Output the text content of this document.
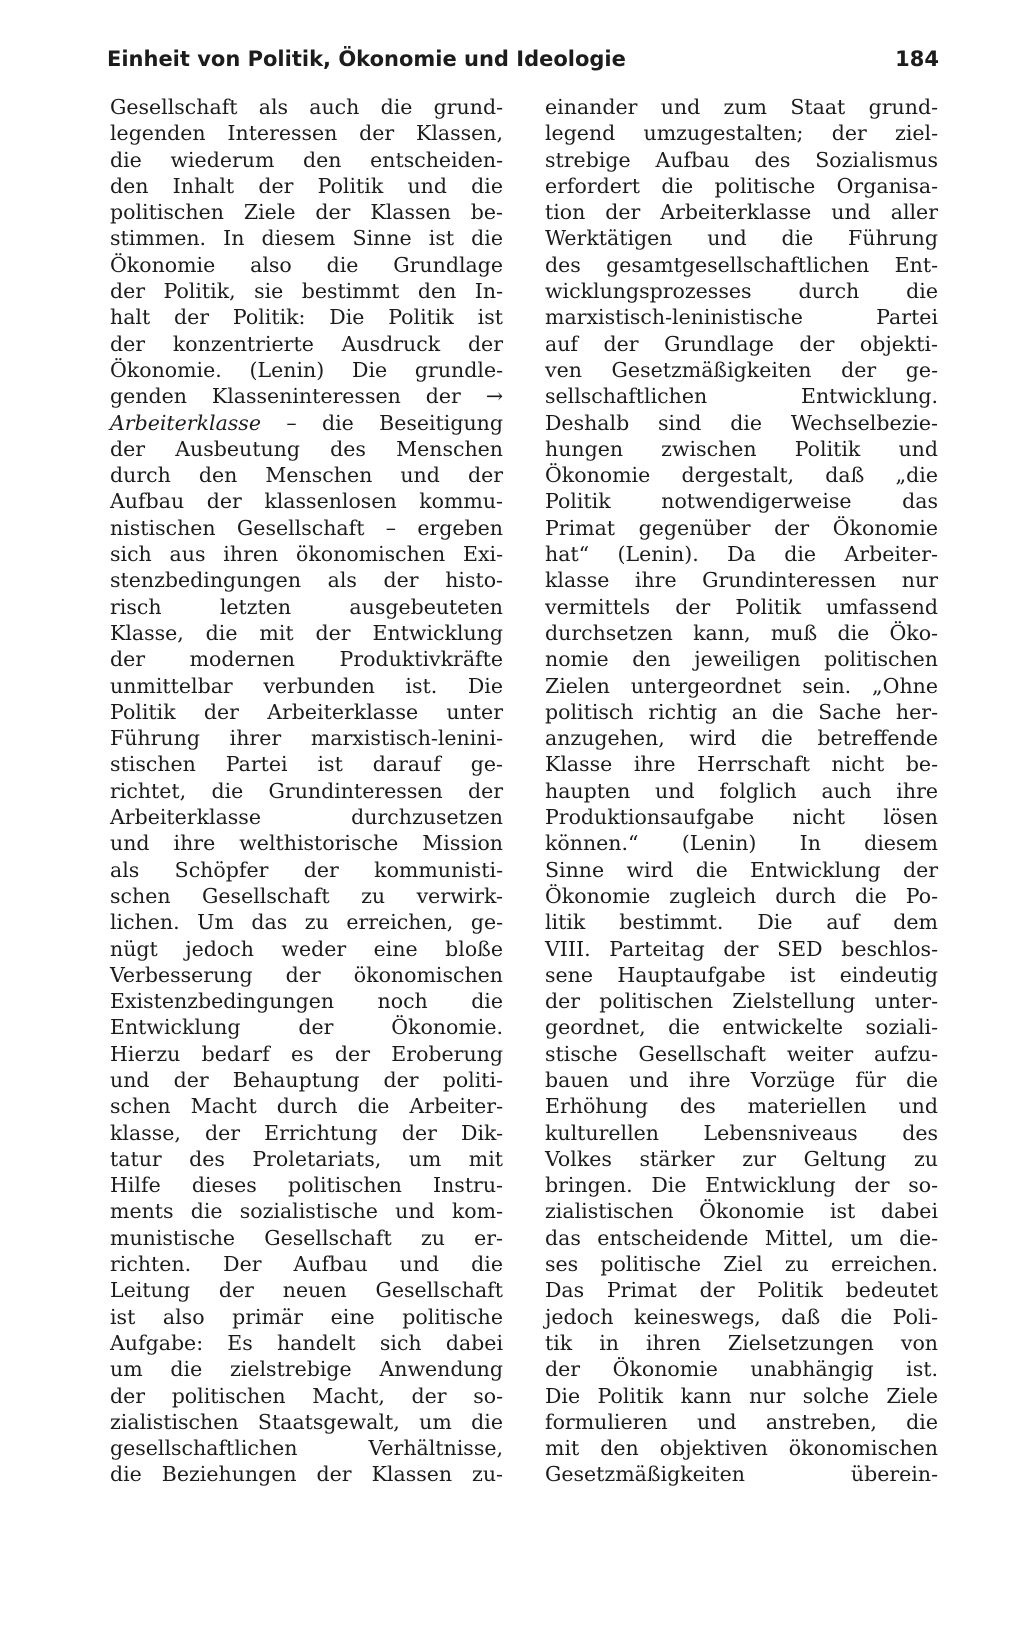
Einheit von Politik, Ökonomie und Ideologie	184
Gesellschaft als auch die grund-
legenden Interessen der Klassen,
die wiederum den entscheiden-
den Inhalt der Politik und die
politischen Ziele der Klassen be-
stimmen. In diesem Sinne ist die
Ökonomie also die Grundlage
der Politik, sie bestimmt den In-
halt der Politik: Die Politik ist
der konzentrierte Ausdruck der
Ökonomie. (Lenin) Die grundle-
genden Klasseninteressen der →
Arbeiterklasse – die Beseitigung
der Ausbeutung des Menschen
durch den Menschen und der
Aufbau der klassenlosen kommu-
nistischen Gesellschaft – ergeben
sich aus ihren ökonomischen Exi-
stenzbedingungen als der histo-
risch letzten ausgebeuteten
Klasse, die mit der Entwicklung
der modernen Produktivkräfte
unmittelbar verbunden ist. Die
Politik der Arbeiterklasse unter
Führung ihrer marxistisch-lenini-
stischen Partei ist darauf ge-
richtet, die Grundinteressen der
Arbeiterklasse durchzusetzen
und ihre welthistorische Mission
als Schöpfer der kommunisti-
schen Gesellschaft zu verwirk-
lichen. Um das zu erreichen, ge-
nügt jedoch weder eine bloße
Verbesserung der ökonomischen
Existenzbedingungen noch die
Entwicklung der Ökonomie.
Hierzu bedarf es der Eroberung
und der Behauptung der politi-
schen Macht durch die Arbeiter-
klasse, der Errichtung der Dik-
tatur des Proletariats, um mit
Hilfe dieses politischen Instru-
ments die sozialistische und kom-
munistische Gesellschaft zu er-
richten. Der Aufbau und die
Leitung der neuen Gesellschaft
ist also primär eine politische
Aufgabe: Es handelt sich dabei
um die zielstrebige Anwendung
der politischen Macht, der so-
zialistischen Staatsgewalt, um die
gesellschaftlichen Verhältnisse,
die Beziehungen der Klassen zu-
einander und zum Staat grund-
legend umzugestalten; der ziel-
strebige Aufbau des Sozialismus
erfordert die politische Organisa-
tion der Arbeiterklasse und aller
Werktätigen und die Führung
des gesamtgesellschaftlichen Ent-
wicklungsprozesses durch die
marxistisch-leninistische Partei
auf der Grundlage der objekti-
ven Gesetzmäßigkeiten der ge-
sellschaftlichen Entwicklung.
Deshalb sind die Wechselbezie-
hungen zwischen Politik und
Ökonomie dergestalt, daß „die
Politik notwendigerweise das
Primat gegenüber der Ökonomie
hat“ (Lenin). Da die Arbeiter-
klasse ihre Grundinteressen nur
vermittels der Politik umfassend
durchsetzen kann, muß die Öko-
nomie den jeweiligen politischen
Zielen untergeordnet sein. „Ohne
politisch richtig an die Sache her-
anzugehen, wird die betreffende
Klasse ihre Herrschaft nicht be-
haupten und folglich auch ihre
Produktionsaufgabe nicht lösen
können.“ (Lenin) In diesem
Sinne wird die Entwicklung der
Ökonomie zugleich durch die Po-
litik bestimmt. Die auf dem
VIII. Parteitag der SED beschlos-
sene Hauptaufgabe ist eindeutig
der politischen Zielstellung unter-
geordnet, die entwickelte soziali-
stische Gesellschaft weiter aufzu-
bauen und ihre Vorzüge für die
Erhöhung des materiellen und
kulturellen Lebensniveaus des
Volkes stärker zur Geltung zu
bringen. Die Entwicklung der so-
zialistischen Ökonomie ist dabei
das entscheidende Mittel, um die-
ses politische Ziel zu erreichen.
Das Primat der Politik bedeutet
jedoch keineswegs, daß die Poli-
tik in ihren Zielsetzungen von
der Ökonomie unabhängig ist.
Die Politik kann nur solche Ziele
formulieren und anstreben, die
mit den objektiven ökonomischen
Gesetzmäßigkeiten überein-
